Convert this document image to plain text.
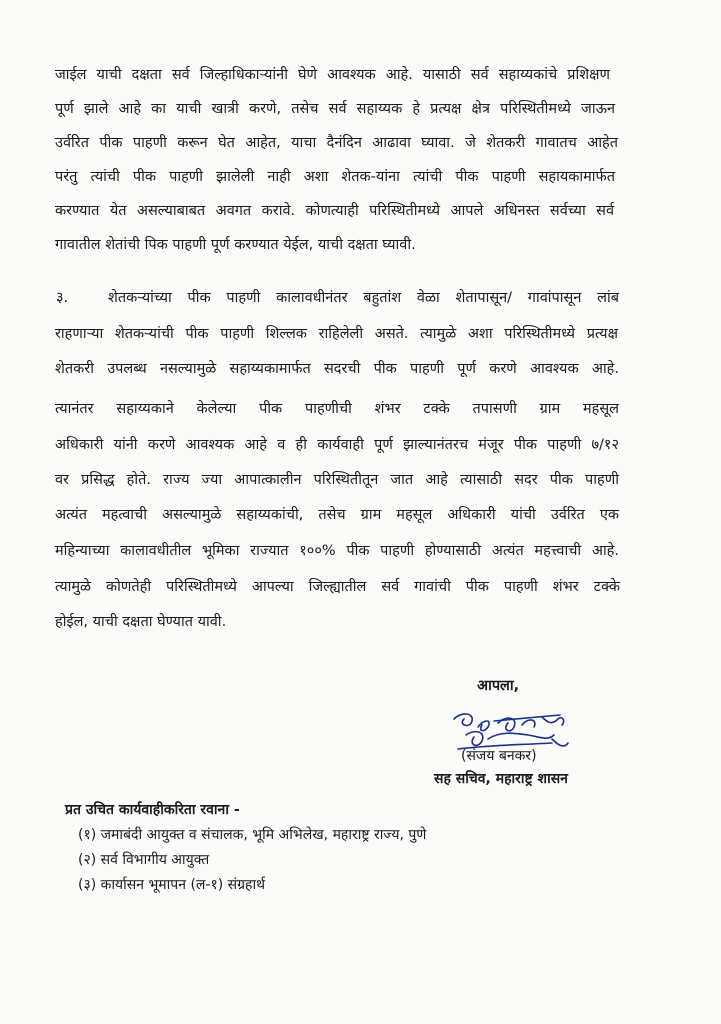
जाईल याची दक्षता सर्व जिल्हाधिकाऱ्यांनी घेणे आवश्यक आहे. यासाठी सर्व सहाय्यकांचे प्रशिक्षण
पूर्ण झाले आहे का याची खात्री करणे, तसेच सर्व सहाय्यक हे प्रत्यक्ष क्षेत्र परिस्थितीमध्ये जाऊन
उर्वरित पीक पाहणी करून घेत आहेत, याचा दैनंदिन आढावा घ्यावा. जे शेतकरी गावातच आहेत
परंतु त्यांची पीक पाहणी झालेली नाही अशा शेतक-यांना त्यांची पीक पाहणी सहायकामार्फत
करण्यात येत असल्याबाबत अवगत करावे. कोणत्याही परिस्थितीमध्ये आपले अधिनस्त सर्वच्या सर्व
गावातील शेतांची पिक पाहणी पूर्ण करण्यात येईल, याची दक्षता घ्यावी.
३.	शेतकऱ्यांच्या पीक पाहणी कालावधीनंतर बहुतांश वेळा शेतापासून/ गावांपासून लांब
राहणाऱ्या शेतकऱ्यांची पीक पाहणी शिल्लक राहिलेली असते. त्यामुळे अशा परिस्थितीमध्ये प्रत्यक्ष
शेतकरी उपलब्ध नसल्यामुळे सहाय्यकामार्फत सदरची पीक पाहणी पूर्ण करणे आवश्यक आहे.
त्यानंतर सहाय्यकाने केलेल्या पीक पाहणीची शंभर टक्के तपासणी ग्राम महसूल
अधिकारी यांनी करणे आवश्यक आहे व ही कार्यवाही पूर्ण झाल्यानंतरच मंजूर पीक पाहणी ७/१२
वर प्रसिद्ध होते. राज्य ज्या आपात्कालीन परिस्थितीतून जात आहे त्यासाठी सदर पीक पाहणी
अत्यंत महत्वाची असल्यामुळे सहाय्यकांची, तसेच ग्राम महसूल अधिकारी यांची उर्वरित एक
महिन्याच्या कालावधीतील भूमिका राज्यात १००% पीक पाहणी होण्यासाठी अत्यंत महत्त्वाची आहे.
त्यामुळे कोणतेही परिस्थितीमध्ये आपल्या जिल्ह्यातील सर्व गावांची पीक पाहणी शंभर टक्के
होईल, याची दक्षता घेण्यात यावी.
आपला,
(संजय बनकर)
सह सचिव, महाराष्ट्र शासन
प्रत उचित कार्यवाहीकरिता रवाना -
(१) जमाबंदी आयुक्त व संचालक, भूमि अभिलेख, महाराष्ट्र राज्य, पुणे
(२) सर्व विभागीय आयुक्त
(३) कार्यासन भूमापन (ल-१) संग्रहार्थ
